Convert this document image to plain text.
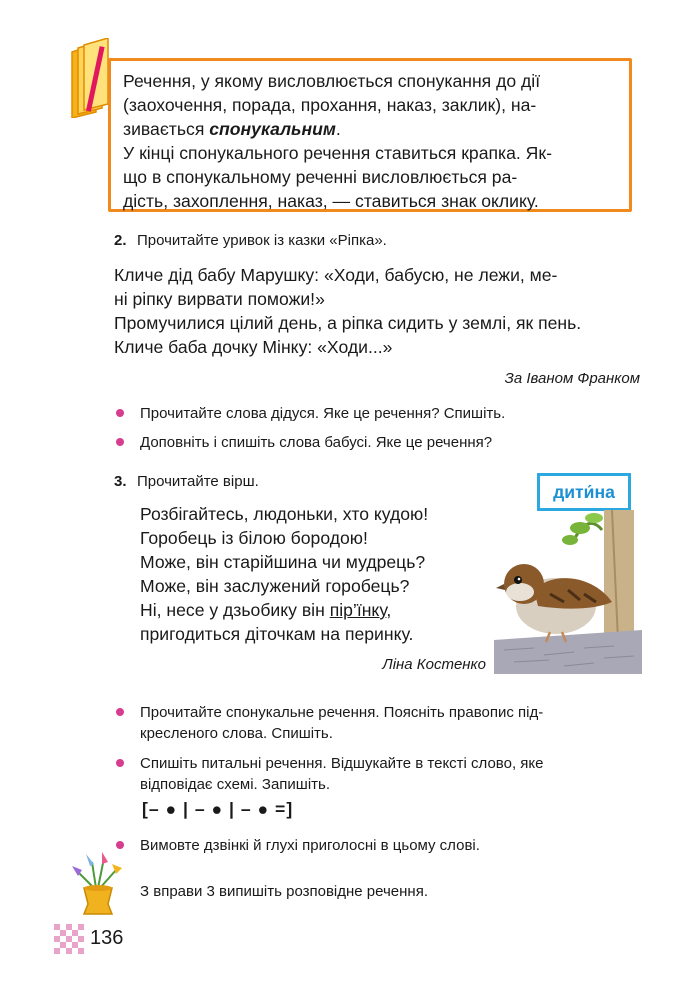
Речення, у якому висловлюється спонукання до дії

(заохочення, порада, прохання, наказ, заклик), на-

зивається спонукальним.

У кінці спонукального речення ставиться крапка. Як-

що в спонукальному реченні висловлюється ра-

дість, захоплення, наказ, — ставиться знак оклику.

2. Прочитайте уривок із казки «Ріпка».
Кличе дід бабу Марушку: «Ходи, бабусю, не лежи, ме-
ні ріпку вирвати поможи!»
Промучилися цілий день, а ріпка сидить у землі, як пень.
Кличе баба дочку Мінку: «Ходи...»
За Іваном Франком
Прочитайте слова дідуся. Яке це речення? Спишіть.
Доповніть і спишіть слова бабусі. Яке це речення?
3. Прочитайте вірш.
дити́на
Розбігайтесь, людоньки, хто кудою!
Горобець із білою бородою!
Може, він старійшина чи мудрець?
Може, він заслужений горобець?
Ні, несе у дзьобику він пір’їнку,
пригодиться діточкам на перинку.
Ліна Костенко
Прочитайте спонукальне речення. Поясніть правопис під-
кресленого слова. Спишіть.
Спишіть питальні речення. Відшукайте в тексті слово, яке
відповідає схемі. Запишіть.
[– ● | – ● | – ● =]
Вимовте дзвінкі й глухі приголосні в цьому слові.
З вправи 3 випишіть розповідне речення.
136
